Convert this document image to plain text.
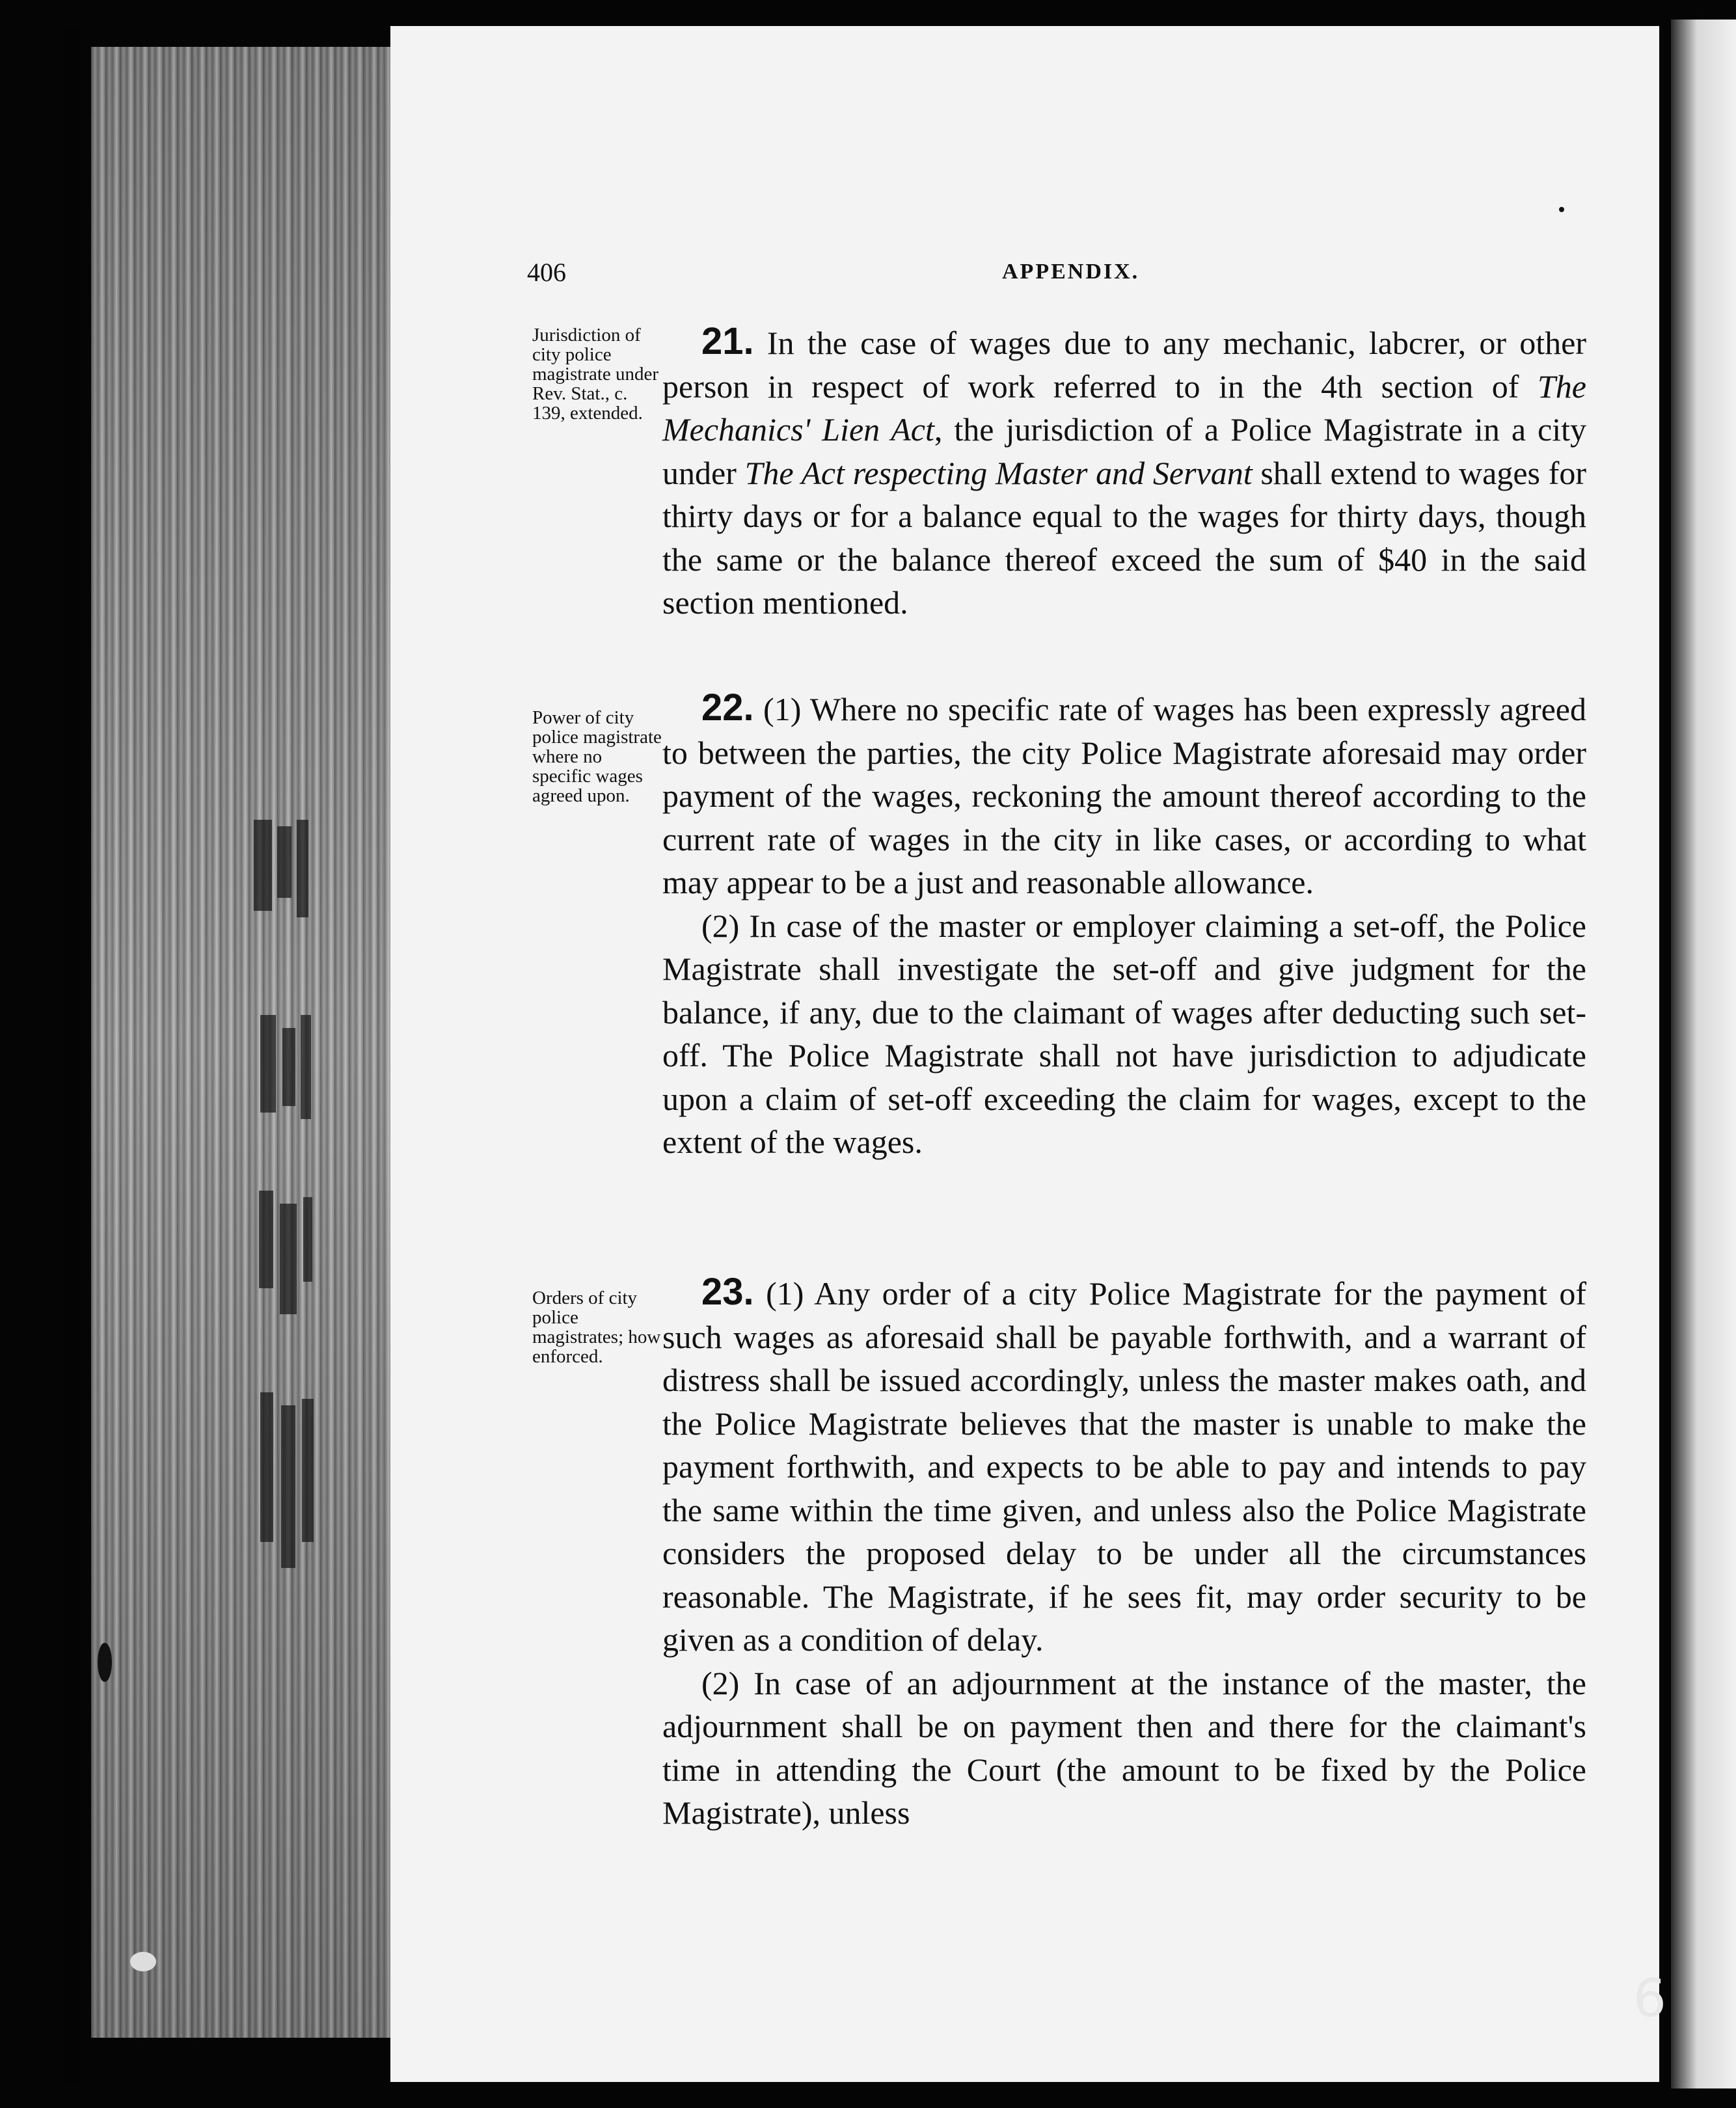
406	APPENDIX.
Jurisdiction of city police magistrate under Rev. Stat., c. 139, extended.
21. In the case of wages due to any mechanic, labcrer, or other person in respect of work referred to in the 4th section of The Mechanics' Lien Act, the jurisdiction of a Police Magistrate in a city under The Act respecting Master and Servant shall extend to wages for thirty days or for a balance equal to the wages for thirty days, though the same or the balance thereof exceed the sum of $40 in the said section mentioned.
Power of city police magistrate where no specific wages agreed upon.
22. (1) Where no specific rate of wages has been expressly agreed to between the parties, the city Police Magistrate aforesaid may order payment of the wages, reckoning the amount thereof according to the current rate of wages in the city in like cases, or according to what may appear to be a just and reasonable allowance.
(2) In case of the master or employer claiming a set-off, the Police Magistrate shall investigate the set-off and give judgment for the balance, if any, due to the claimant of wages after deducting such set-off. The Police Magistrate shall not have jurisdiction to adjudicate upon a claim of set-off exceeding the claim for wages, except to the extent of the wages.
Orders of city police magistrates; how enforced.
23. (1) Any order of a city Police Magistrate for the payment of such wages as aforesaid shall be payable forthwith, and a warrant of distress shall be issued accordingly, unless the master makes oath, and the Police Magistrate believes that the master is unable to make the payment forthwith, and expects to be able to pay and intends to pay the same within the time given, and unless also the Police Magistrate considers the proposed delay to be under all the circumstances reasonable. The Magistrate, if he sees fit, may order security to be given as a condition of delay.
(2) In case of an adjournment at the instance of the master, the adjournment shall be on payment then and there for the claimant's time in attending the Court (the amount to be fixed by the Police Magistrate), unless
6
